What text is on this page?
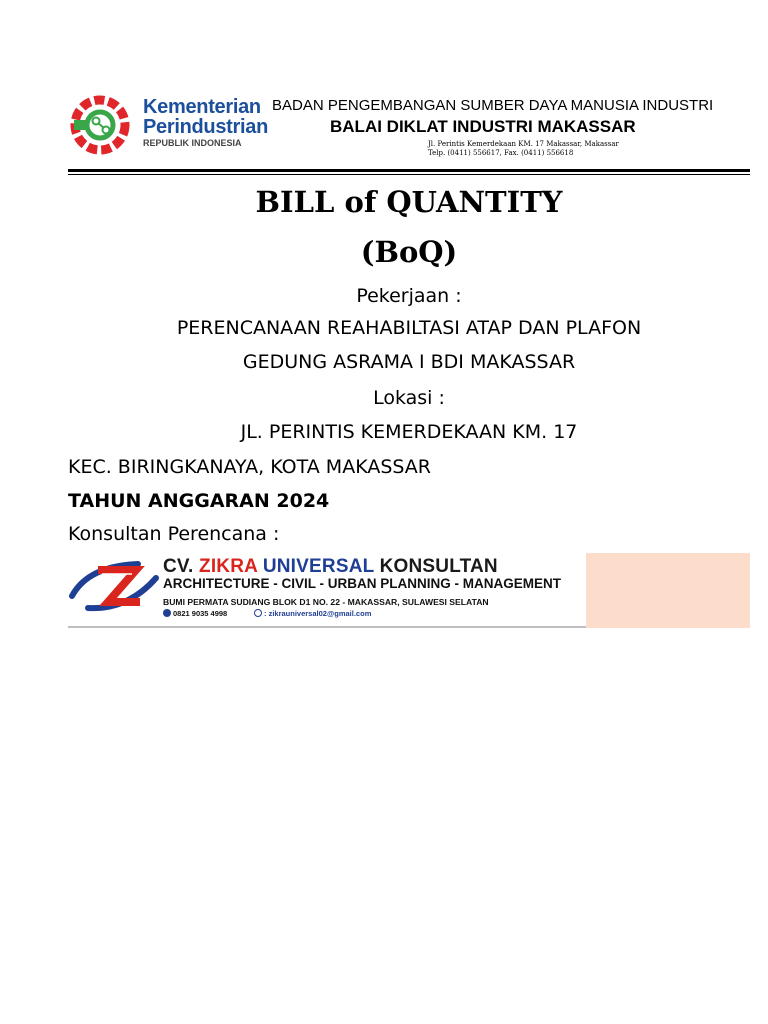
Kementerian
Perindustrian
REPUBLIK INDONESIA
BADAN PENGEMBANGAN SUMBER DAYA MANUSIA INDUSTRI
BALAI DIKLAT INDUSTRI MAKASSAR
Jl. Perintis Kemerdekaan KM. 17 Makassar, Makassar
Telp. (0411) 556617, Fax. (0411) 556618
BILL of QUANTITY
(BoQ)
Pekerjaan :
PERENCANAAN REAHABILTASI ATAP DAN PLAFON
GEDUNG ASRAMA I BDI MAKASSAR
Lokasi :
JL. PERINTIS KEMERDEKAAN KM. 17
KEC. BIRINGKANAYA, KOTA MAKASSAR
TAHUN ANGGARAN 2024
Konsultan Perencana :
CV. ZIKRA UNIVERSAL KONSULTAN
ARCHITECTURE - CIVIL - URBAN PLANNING - MANAGEMENT
BUMI PERMATA SUDIANG BLOK D1 NO. 22 - MAKASSAR, SULAWESI SELATAN
0821 9035 4998	: zikrauniversal02@gmail.com
